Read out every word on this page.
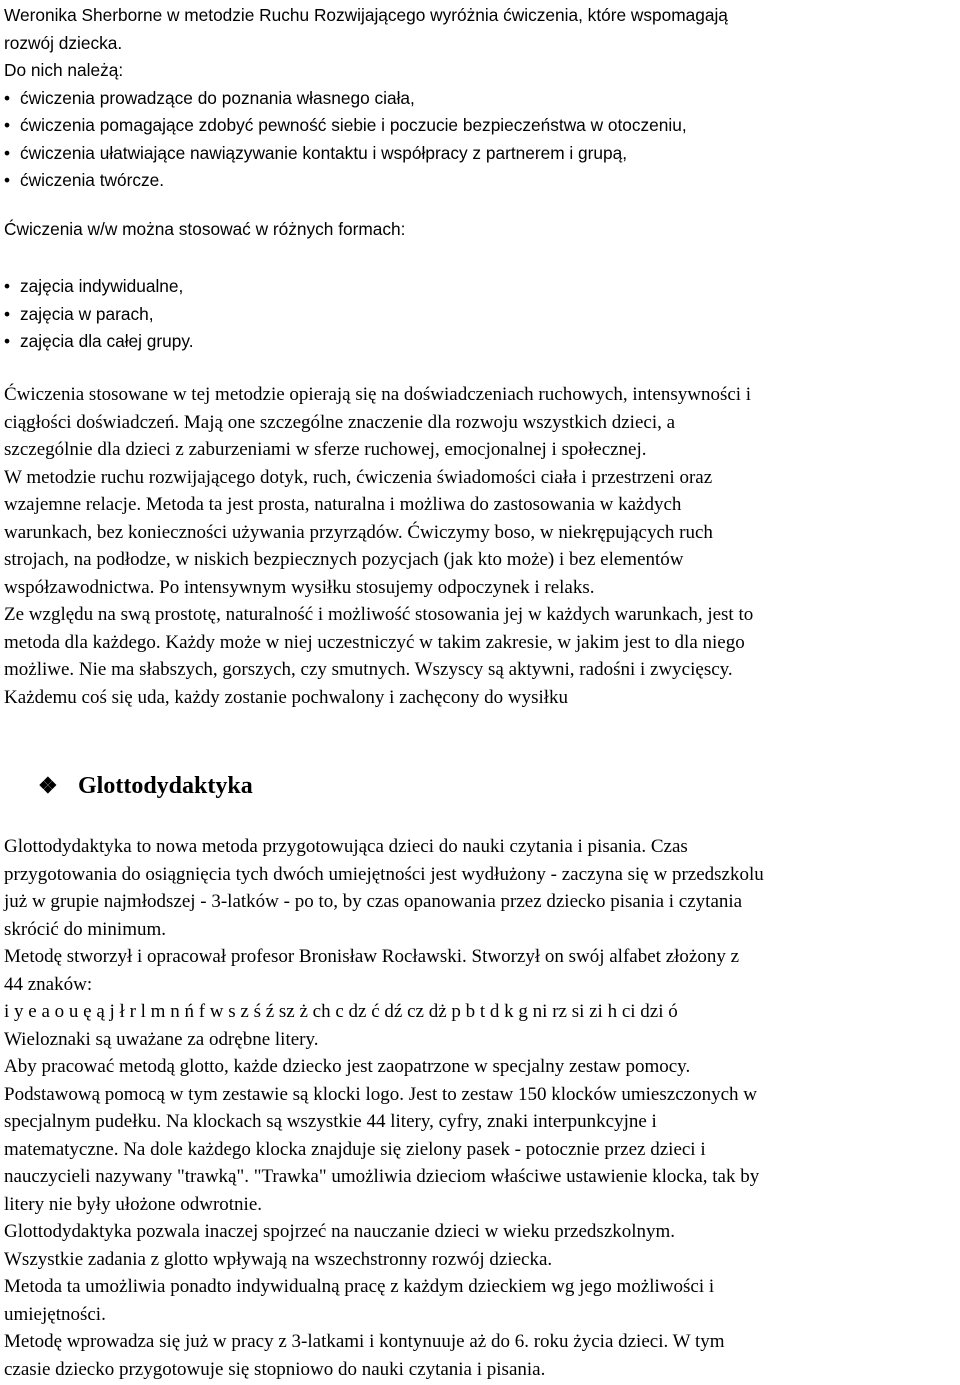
Weronika Sherborne w metodzie Ruchu Rozwijającego wyróżnia ćwiczenia, które wspomagają
rozwój dziecka.
Do nich należą:
• ćwiczenia prowadzące do poznania własnego ciała,
• ćwiczenia pomagające zdobyć pewność siebie i poczucie bezpieczeństwa w otoczeniu,
• ćwiczenia ułatwiające nawiązywanie kontaktu i współpracy z partnerem i grupą,
• ćwiczenia twórcze.
Ćwiczenia w/w można stosować w różnych formach:
• zajęcia indywidualne,
• zajęcia w parach,
• zajęcia dla całej grupy.
Ćwiczenia stosowane w tej metodzie opierają się na doświadczeniach ruchowych, intensywności i
ciągłości doświadczeń. Mają one szczególne znaczenie dla rozwoju wszystkich dzieci, a
szczególnie dla dzieci z zaburzeniami w sferze ruchowej, emocjonalnej i społecznej.
W metodzie ruchu rozwijającego dotyk, ruch, ćwiczenia świadomości ciała i przestrzeni oraz
wzajemne relacje. Metoda ta jest prosta, naturalna i możliwa do zastosowania w każdych
warunkach, bez konieczności używania przyrządów. Ćwiczymy boso, w niekrępujących ruch
strojach, na podłodze, w niskich bezpiecznych pozycjach (jak kto może) i bez elementów
współzawodnictwa. Po intensywnym wysiłku stosujemy odpoczynek i relaks.
Ze względu na swą prostotę, naturalność i możliwość stosowania jej w każdych warunkach, jest to
metoda dla każdego. Każdy może w niej uczestniczyć w takim zakresie, w jakim jest to dla niego
możliwe. Nie ma słabszych, gorszych, czy smutnych. Wszyscy są aktywni, radośni i zwycięscy.
Każdemu coś się uda, każdy zostanie pochwalony i zachęcony do wysiłku
❖ Glottodydaktyka
Glottodydaktyka to nowa metoda przygotowująca dzieci do nauki czytania i pisania. Czas
przygotowania do osiągnięcia tych dwóch umiejętności jest wydłużony - zaczyna się w przedszkolu
już w grupie najmłodszej - 3-latków - po to, by czas opanowania przez dziecko pisania i czytania
skrócić do minimum.
Metodę stworzył i opracował profesor Bronisław Rocławski. Stworzył on swój alfabet złożony z
44 znaków:
i y e a o u ę ą j ł r l m n ń f w s z ś ź sz ż ch c dz ć dź cz dż p b t d k g ni rz si zi h ci dzi ó
Wieloznaki są uważane za odrębne litery.
Aby pracować metodą glotto, każde dziecko jest zaopatrzone w specjalny zestaw pomocy.
Podstawową pomocą w tym zestawie są klocki logo. Jest to zestaw 150 klocków umieszczonych w
specjalnym pudełku. Na klockach są wszystkie 44 litery, cyfry, znaki interpunkcyjne i
matematyczne. Na dole każdego klocka znajduje się zielony pasek - potocznie przez dzieci i
nauczycieli nazywany "trawką". "Trawka" umożliwia dzieciom właściwe ustawienie klocka, tak by
litery nie były ułożone odwrotnie.
Glottodydaktyka pozwala inaczej spojrzeć na nauczanie dzieci w wieku przedszkolnym.
Wszystkie zadania z glotto wpływają na wszechstronny rozwój dziecka.
Metoda ta umożliwia ponadto indywidualną pracę z każdym dzieckiem wg jego możliwości i
umiejętności.
Metodę wprowadza się już w pracy z 3-latkami i kontynuuje aż do 6. roku życia dzieci. W tym
czasie dziecko przygotowuje się stopniowo do nauki czytania i pisania.
